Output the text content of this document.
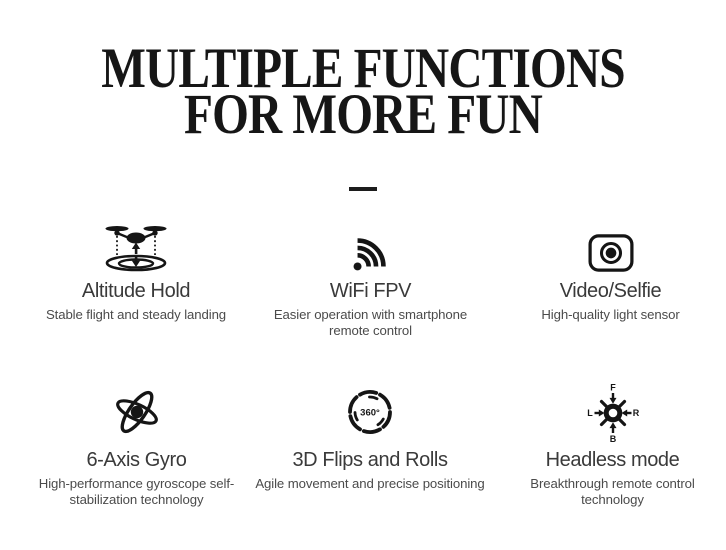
MULTIPLE FUNCTIONS
FOR MORE FUN
Altitude Hold
Stable flight and steady landing
WiFi FPV
Easier operation with smartphone remote control
Video/Selfie
High-quality light sensor
6-Axis Gyro
High-performance gyroscope self-stabilization technology
360°
3D Flips and Rolls
Agile movement and precise positioning
F
B
L	R
Headless mode
Breakthrough remote control technology
